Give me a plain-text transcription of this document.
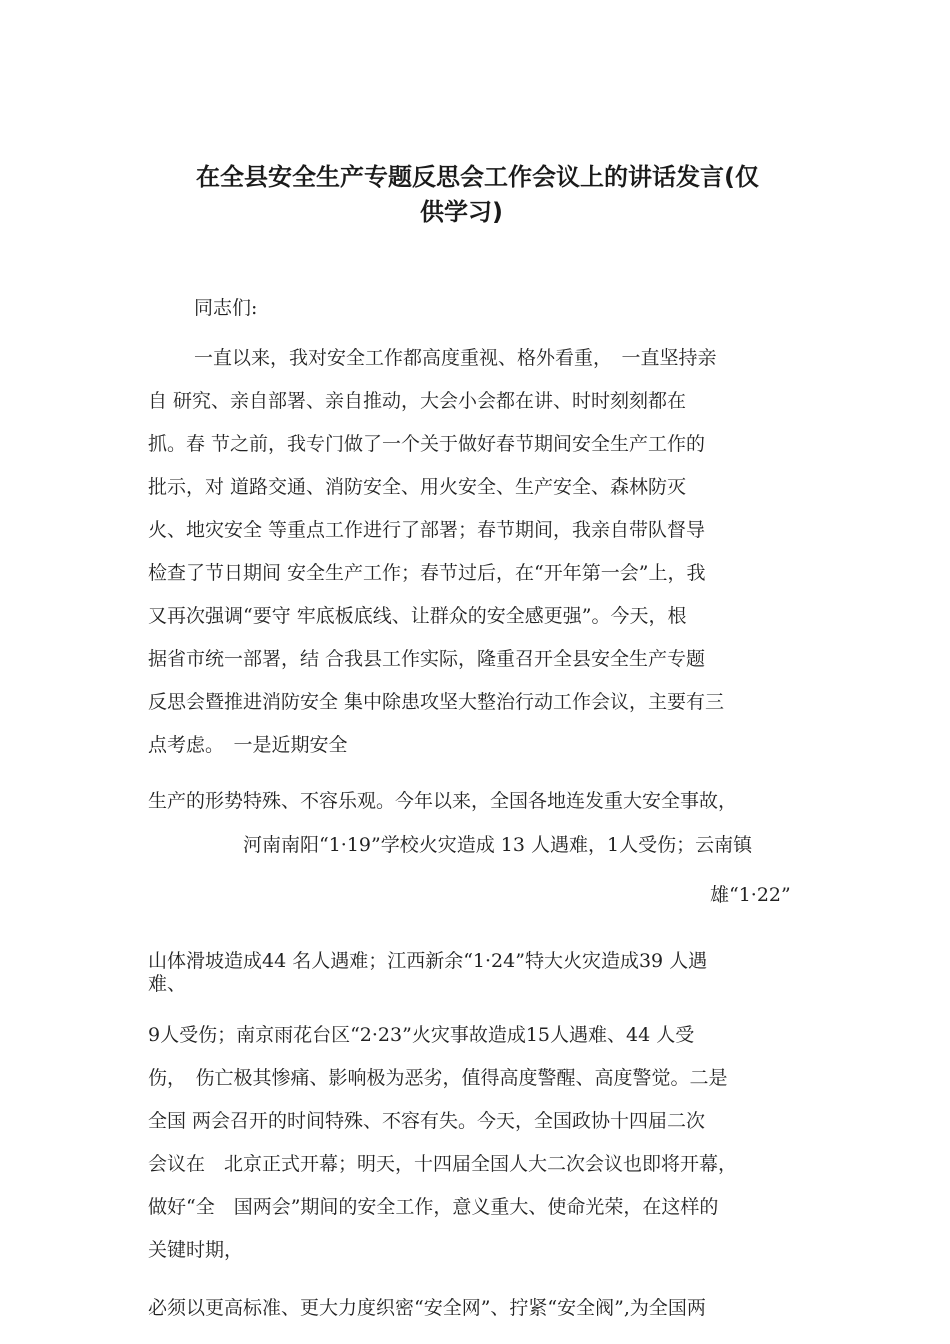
在全县安全生产专题反思会工作会议上的讲话发言(仅
供学习)
同志们:
一直以来，我对安全工作都高度重视、格外看重，　一直坚持亲
自 研究、亲自部署、亲自推动，大会小会都在讲、时时刻刻都在
抓。春 节之前，我专门做了一个关于做好春节期间安全生产工作的
批示，对 道路交通、消防安全、用火安全、生产安全、森林防灭
火、地灾安全 等重点工作进行了部署；春节期间，我亲自带队督导
检查了节日期间 安全生产工作；春节过后，在“开年第一会”上，我
又再次强调“要守 牢底板底线、让群众的安全感更强”。今天，根
据省市统一部署，结 合我县工作实际，隆重召开全县安全生产专题
反思会暨推进消防安全 集中除患攻坚大整治行动工作会议，主要有三
点考虑。　一是近期安全
生产的形势特殊、不容乐观。今年以来，全国各地连发重大安全事故，
河南南阳“1·19”学校火灾造成 13 人遇难，1人受伤；云南镇
雄“1·22”
山体滑坡造成44 名人遇难；江西新余“1·24”特大火灾造成39 人遇
难、
9人受伤；南京雨花台区“2·23”火灾事故造成15人遇难、44 人受
伤，　伤亡极其惨痛、影响极为恶劣，值得高度警醒、高度警觉。二是
全国 两会召开的时间特殊、不容有失。今天，全国政协十四届二次
会议在　北京正式开幕；明天，十四届全国人大二次会议也即将开幕，
做好“全　国两会”期间的安全工作，意义重大、使命光荣，在这样的
关键时期，
必须以更高标准、更大力度织密“安全网”、拧紧“安全阀”,为全国两
